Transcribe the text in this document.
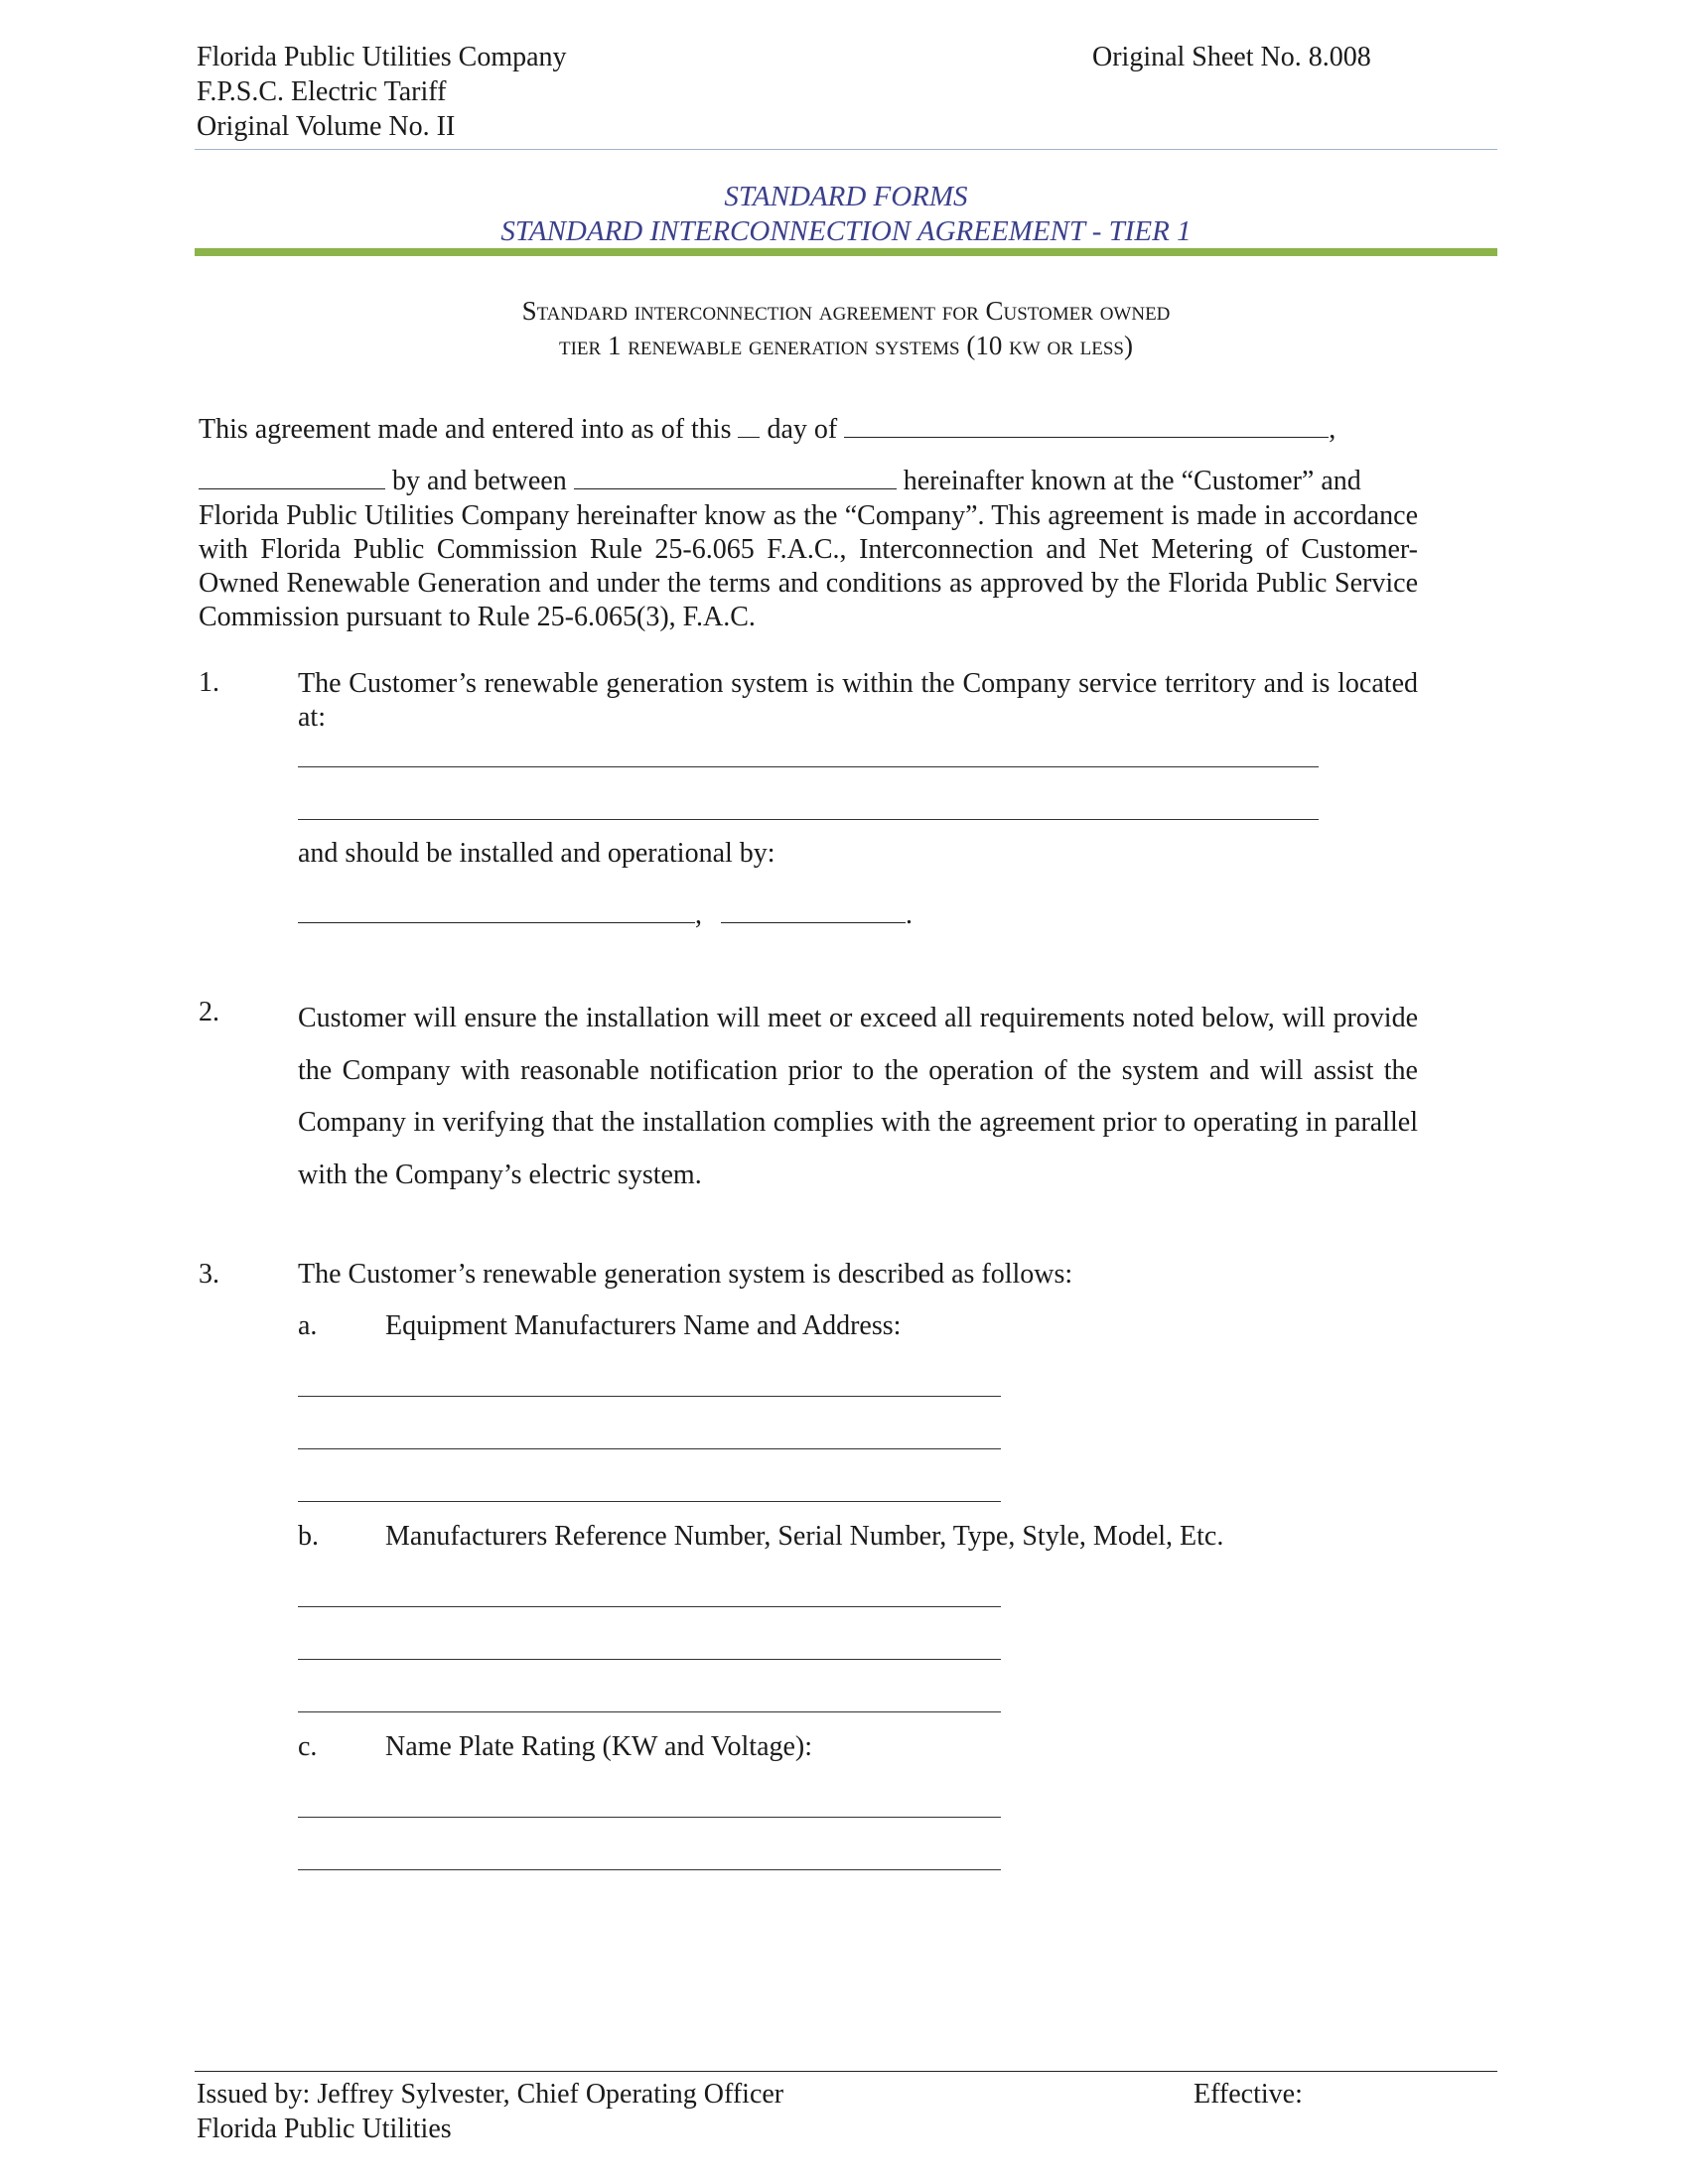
Florida Public Utilities Company
F.P.S.C. Electric Tariff
Original Volume No. II
Original Sheet No. 8.008
STANDARD FORMS
STANDARD INTERCONNECTION AGREEMENT - TIER 1
Standard interconnection agreement for Customer owned
tier 1 renewable generation systems (10 kw or less)
This agreement made and entered into as of this day of	,
by and between	hereinafter known at the “Customer” and
Florida Public Utilities Company hereinafter know as the “Company”. This agreement is made in accordance with Florida Public Commission Rule 25-6.065 F.A.C., Interconnection and Net Metering of Customer-Owned Renewable Generation and under the terms and conditions as approved by the Florida Public Service Commission pursuant to Rule 25-6.065(3), F.A.C.
1.	The Customer’s renewable generation system is within the Company service territory and is located at:
and should be installed and operational by:
,	.
2.	Customer will ensure the installation will meet or exceed all requirements noted below, will provide the Company with reasonable notification prior to the operation of the system and will assist the Company in verifying that the installation complies with the agreement prior to operating in parallel with the Company’s electric system.
3.	The Customer’s renewable generation system is described as follows:
a. Equipment Manufacturers Name and Address:
b. Manufacturers Reference Number, Serial Number, Type, Style, Model, Etc.
c. Name Plate Rating (KW and Voltage):
Issued by: Jeffrey Sylvester, Chief Operating Officer
Florida Public Utilities
Effective:
